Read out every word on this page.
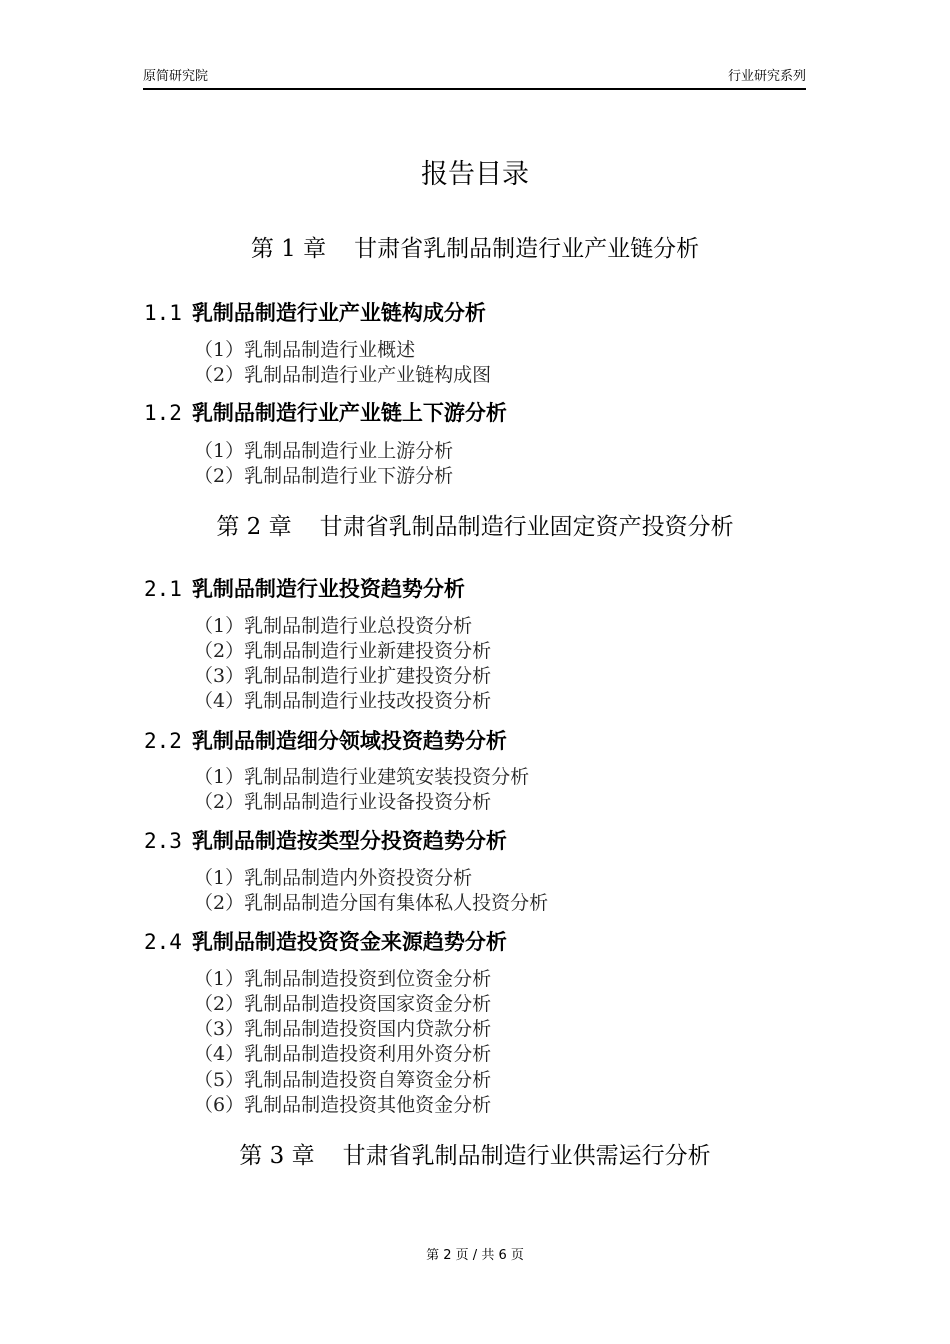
原简研究院	行业研究系列
报告目录
第 1 章 甘肃省乳制品制造行业产业链分析
1.1 乳制品制造行业产业链构成分析
（1）乳制品制造行业概述
（2）乳制品制造行业产业链构成图
1.2 乳制品制造行业产业链上下游分析
（1）乳制品制造行业上游分析
（2）乳制品制造行业下游分析
第 2 章 甘肃省乳制品制造行业固定资产投资分析
2.1 乳制品制造行业投资趋势分析
（1）乳制品制造行业总投资分析
（2）乳制品制造行业新建投资分析
（3）乳制品制造行业扩建投资分析
（4）乳制品制造行业技改投资分析
2.2 乳制品制造细分领域投资趋势分析
（1）乳制品制造行业建筑安装投资分析
（2）乳制品制造行业设备投资分析
2.3 乳制品制造按类型分投资趋势分析
（1）乳制品制造内外资投资分析
（2）乳制品制造分国有集体私人投资分析
2.4 乳制品制造投资资金来源趋势分析
（1）乳制品制造投资到位资金分析
（2）乳制品制造投资国家资金分析
（3）乳制品制造投资国内贷款分析
（4）乳制品制造投资利用外资分析
（5）乳制品制造投资自筹资金分析
（6）乳制品制造投资其他资金分析
第 3 章 甘肃省乳制品制造行业供需运行分析
第 2 页 / 共 6 页
